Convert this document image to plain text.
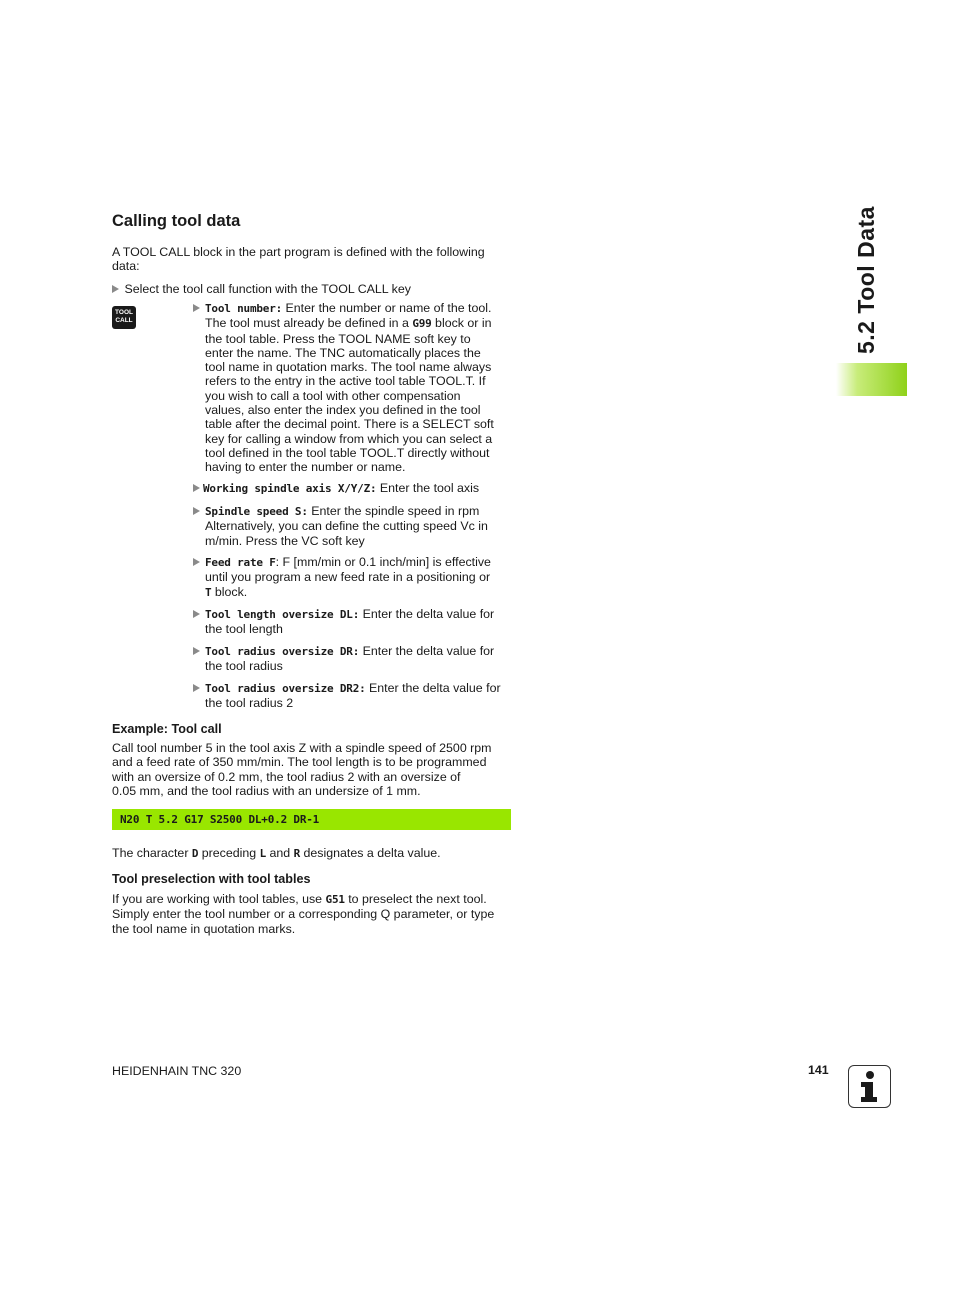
5.2 Tool Data
Calling tool data
A TOOL CALL block in the part program is defined with the following
data:
Select the tool call function with the TOOL CALL key
TOOL
CALL
Tool number: Enter the number or name of the tool.
The tool must already be defined in a G99 block or in
the tool table. Press the TOOL NAME soft key to
enter the name. The TNC automatically places the
tool name in quotation marks. The tool name always
refers to the entry in the active tool table TOOL.T. If
you wish to call a tool with other compensation
values, also enter the index you defined in the tool
table after the decimal point. There is a SELECT soft
key for calling a window from which you can select a
tool defined in the tool table TOOL.T directly without
having to enter the number or name.
Working spindle axis X/Y/Z: Enter the tool axis
Spindle speed S: Enter the spindle speed in rpm
Alternatively, you can define the cutting speed Vc in
m/min. Press the VC soft key
Feed rate F: F [mm/min or 0.1 inch/min] is effective
until you program a new feed rate in a positioning or
T block.
Tool length oversize DL: Enter the delta value for
the tool length
Tool radius oversize DR: Enter the delta value for
the tool radius
Tool radius oversize DR2: Enter the delta value for
the tool radius 2
Example: Tool call
Call tool number 5 in the tool axis Z with a spindle speed of 2500 rpm
and a feed rate of 350 mm/min. The tool length is to be programmed
with an oversize of 0.2 mm, the tool radius 2 with an oversize of
0.05 mm, and the tool radius with an undersize of 1 mm.
N20 T 5.2 G17 S2500 DL+0.2 DR-1
The character D preceding L and R designates a delta value.
Tool preselection with tool tables
If you are working with tool tables, use G51 to preselect the next tool.
Simply enter the tool number or a corresponding Q parameter, or type
the tool name in quotation marks.
HEIDENHAIN TNC 320	141
